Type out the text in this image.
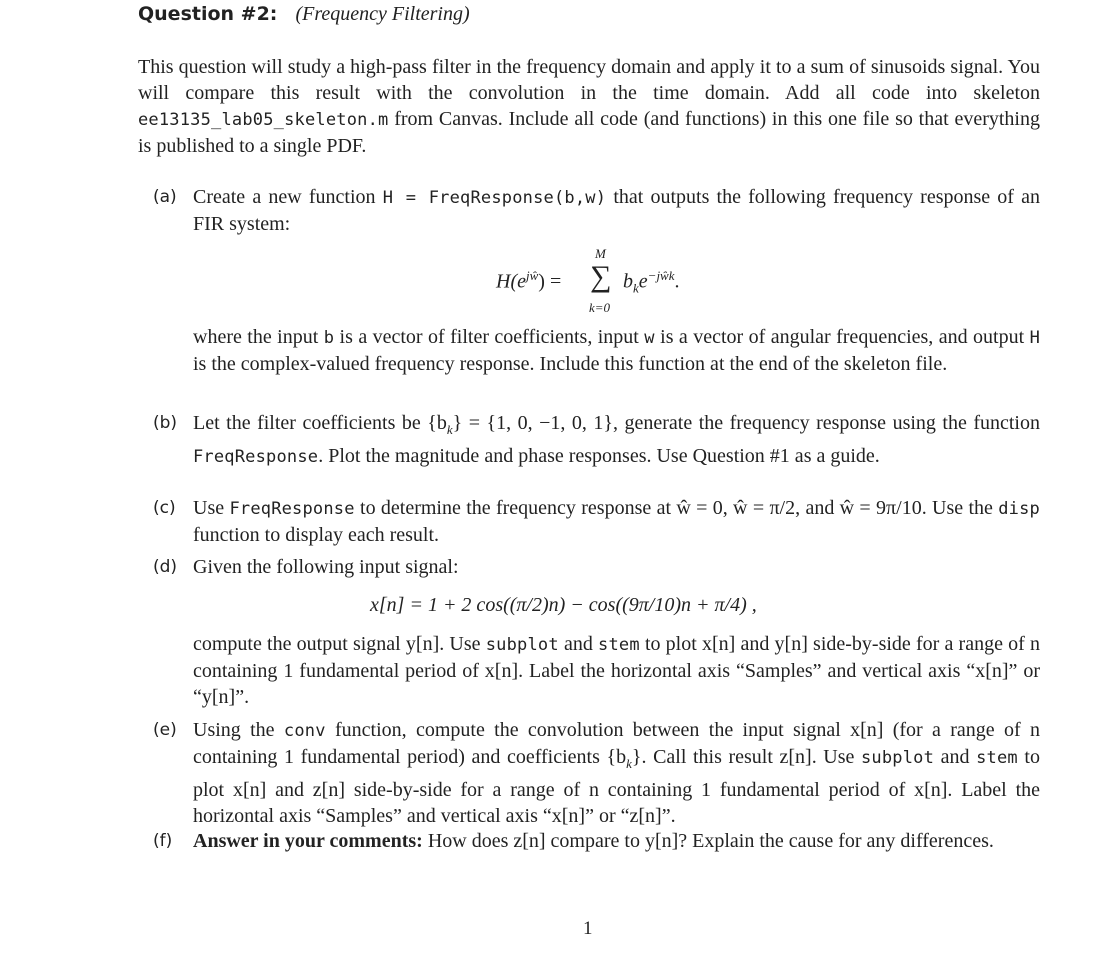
Question #2: (Frequency Filtering)
This question will study a high-pass filter in the frequency domain and apply it to a sum of sinusoids signal. You will compare this result with the convolution in the time domain. Add all code into skeleton ee13135_lab05_skeleton.m from Canvas. Include all code (and functions) in this one file so that everything is published to a single PDF.
(a) Create a new function H = FreqResponse(b,w) that outputs the following frequency response of an FIR system:
$H(e^{jŵ})$ =
M
∑
k=0
$b_ke^{-jŵk}$.
where the input b is a vector of filter coefficients, input w is a vector of angular frequencies, and output H is the complex-valued frequency response. Include this function at the end of the skeleton file.
(b) Let the filter coefficients be $\{b_k\} = \{1$, 0, −1, 0, 1}, generate the frequency response using the function FreqResponse. Plot the magnitude and phase responses. Use Question #1 as a guide.
(c) Use FreqResponse to determine the frequency response at ŵ = 0, ŵ = π/2, and ŵ = 9π/10. Use the disp function to display each result.
(d) Given the following input signal:
x[n] = 1 + 2 cos((π/2)n) − cos((9π/10)n + π/4) ,
compute the output signal y[n]. Use subplot and stem to plot x[n] and y[n] side-by-side for a range of n containing 1 fundamental period of x[n]. Label the horizontal axis “Samples” and vertical axis “x[n]” or “y[n]”.
(e) Using the conv function, compute the convolution between the input signal x[n] (for a range of n containing 1 fundamental period) and coefficients $\{b_k\}$. Call this result z[n]. Use subplot and stem to plot x[n] and z[n] side-by-side for a range of n containing 1 fundamental period of x[n]. Label the horizontal axis “Samples” and vertical axis “x[n]” or “z[n]”.
(f) Answer in your comments: How does z[n] compare to y[n]? Explain the cause for any differences.
1
